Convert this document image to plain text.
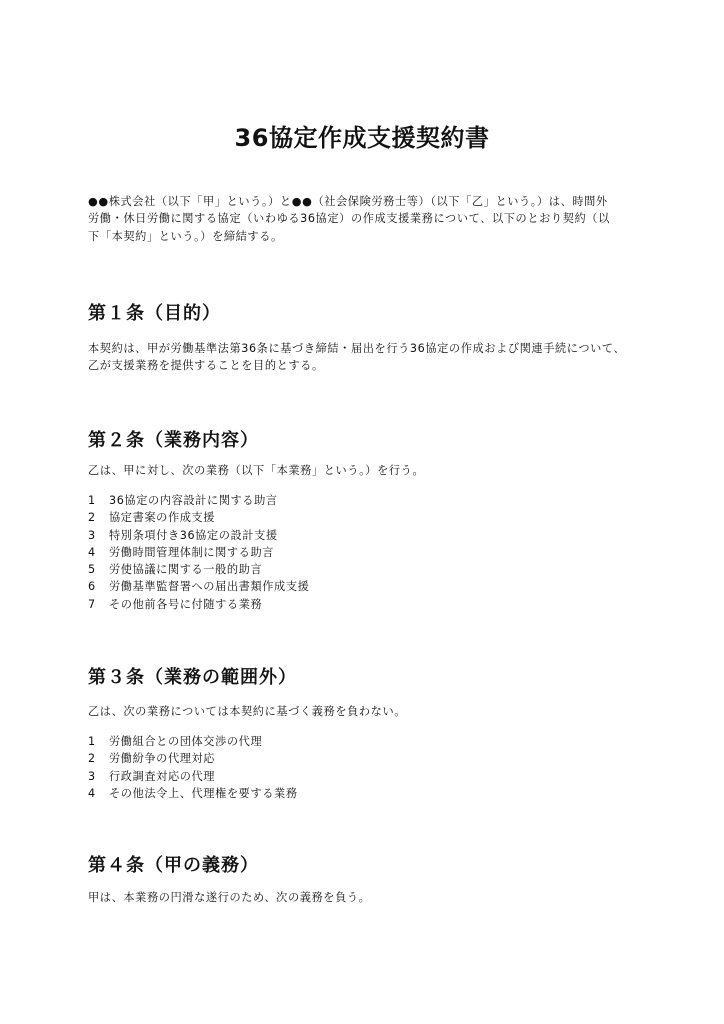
36協定作成支援契約書
●●株式会社（以下「甲」という。）と●●（社会保険労務士等）（以下「乙」という。）は、時間外
労働・休日労働に関する協定（いわゆる36協定）の作成支援業務について、以下のとおり契約（以
下「本契約」という。）を締結する。
第１条（目的）
本契約は、甲が労働基準法第36条に基づき締結・届出を行う36協定の作成および関連手続について、
乙が支援業務を提供することを目的とする。
第２条（業務内容）
乙は、甲に対し、次の業務（以下「本業務」という。）を行う。
1	36協定の内容設計に関する助言
2	協定書案の作成支援
3	特別条項付き36協定の設計支援
4	労働時間管理体制に関する助言
5	労使協議に関する一般的助言
6	労働基準監督署への届出書類作成支援
7	その他前各号に付随する業務
第３条（業務の範囲外）
乙は、次の業務については本契約に基づく義務を負わない。
1	労働組合との団体交渉の代理
2	労働紛争の代理対応
3	行政調査対応の代理
4	その他法令上、代理権を要する業務
第４条（甲の義務）
甲は、本業務の円滑な遂行のため、次の義務を負う。
